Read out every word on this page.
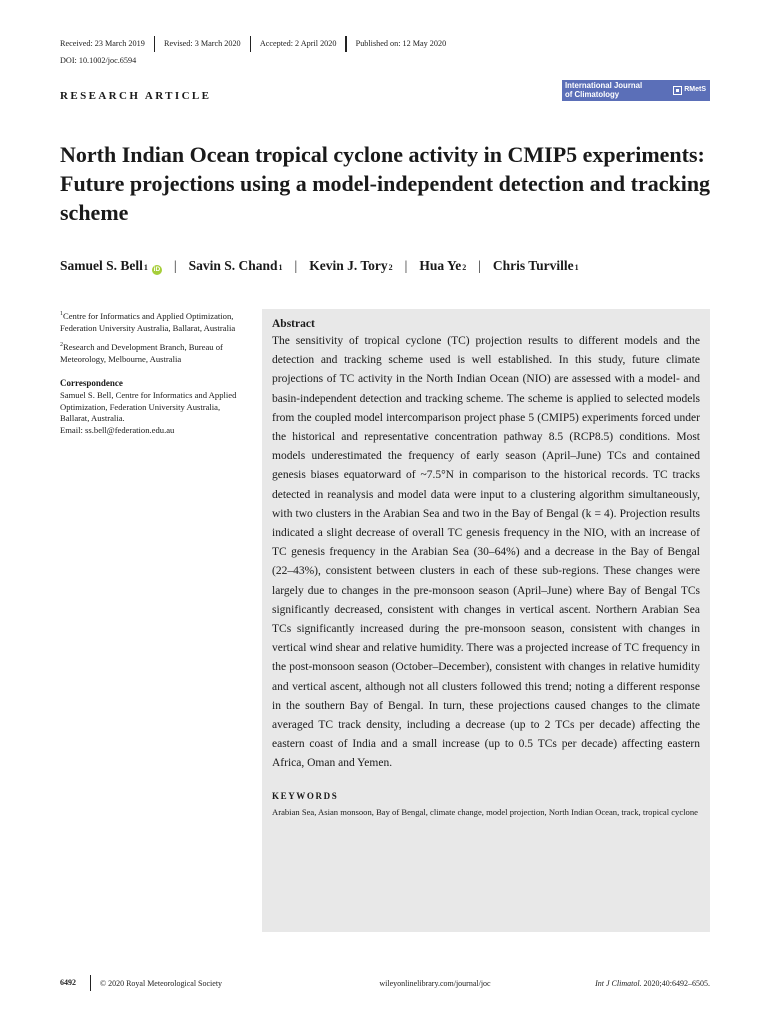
Received: 23 March 2019	Revised: 3 March 2020	Accepted: 2 April 2020	Published on: 12 May 2020
DOI: 10.1002/joc.6594
RESEARCH ARTICLE
International Journal
of Climatology	RMetS
North Indian Ocean tropical cyclone activity in CMIP5 experiments: Future projections using a model-independent detection and tracking scheme
Samuel S. Bell 1 iD | Savin S. Chand 1 | Kevin J. Tory 2 | Hua Ye 2 | Chris Turville 1

$^1$Centre for Informatics and Applied Optimization, Federation University Australia, Ballarat, Australia

$^2$Research and Development Branch, Bureau of Meteorology, Melbourne, Australia

Correspondence

Samuel S. Bell, Centre for Informatics and Applied Optimization, Federation University Australia, Ballarat, Australia.
Email: ss.bell@federation.edu.au

Abstract

The sensitivity of tropical cyclone (TC) projection results to different models and the detection and tracking scheme used is well established. In this study, future climate projections of TC activity in the North Indian Ocean (NIO) are assessed with a model- and basin-independent detection and tracking scheme. The scheme is applied to selected models from the coupled model intercomparison project phase 5 (CMIP5) experiments forced under the historical and representative concentration pathway 8.5 (RCP8.5) conditions. Most models underestimated the frequency of early season (April–June) TCs and contained genesis biases equatorward of ~7.5°N in comparison to the historical records. TC tracks detected in reanalysis and model data were input to a clustering algorithm simultaneously, with two clusters in the Arabian Sea and two in the Bay of Bengal (k = 4). Projection results indicated a slight decrease of overall TC genesis frequency in the NIO, with an increase of TC genesis frequency in the Arabian Sea (30–64%) and a decrease in the Bay of Bengal (22–43%), consistent between clusters in each of these sub-regions. These changes were largely due to changes in the pre-monsoon season (April–June) where Bay of Bengal TCs significantly decreased, consistent with changes in vertical ascent. Northern Arabian Sea TCs significantly increased during the pre-monsoon season, consistent with changes in vertical wind shear and relative humidity. There was a projected increase of TC frequency in the post-monsoon season (October–December), consistent with changes in relative humidity and vertical ascent, although not all clusters followed this trend; noting a different response in the southern Bay of Bengal. In turn, these projections caused changes to the climate averaged TC track density, including a decrease (up to 2 TCs per decade) affecting the eastern coast of India and a small increase (up to 0.5 TCs per decade) affecting eastern Africa, Oman and Yemen.

KEYWORDS

Arabian Sea, Asian monsoon, Bay of Bengal, climate change, model projection, North Indian Ocean, track, tropical cyclone

6492	© 2020 Royal Meteorological Society	wileyonlinelibrary.com/journal/joc	Int J Climatol. 2020;40:6492–6505.
